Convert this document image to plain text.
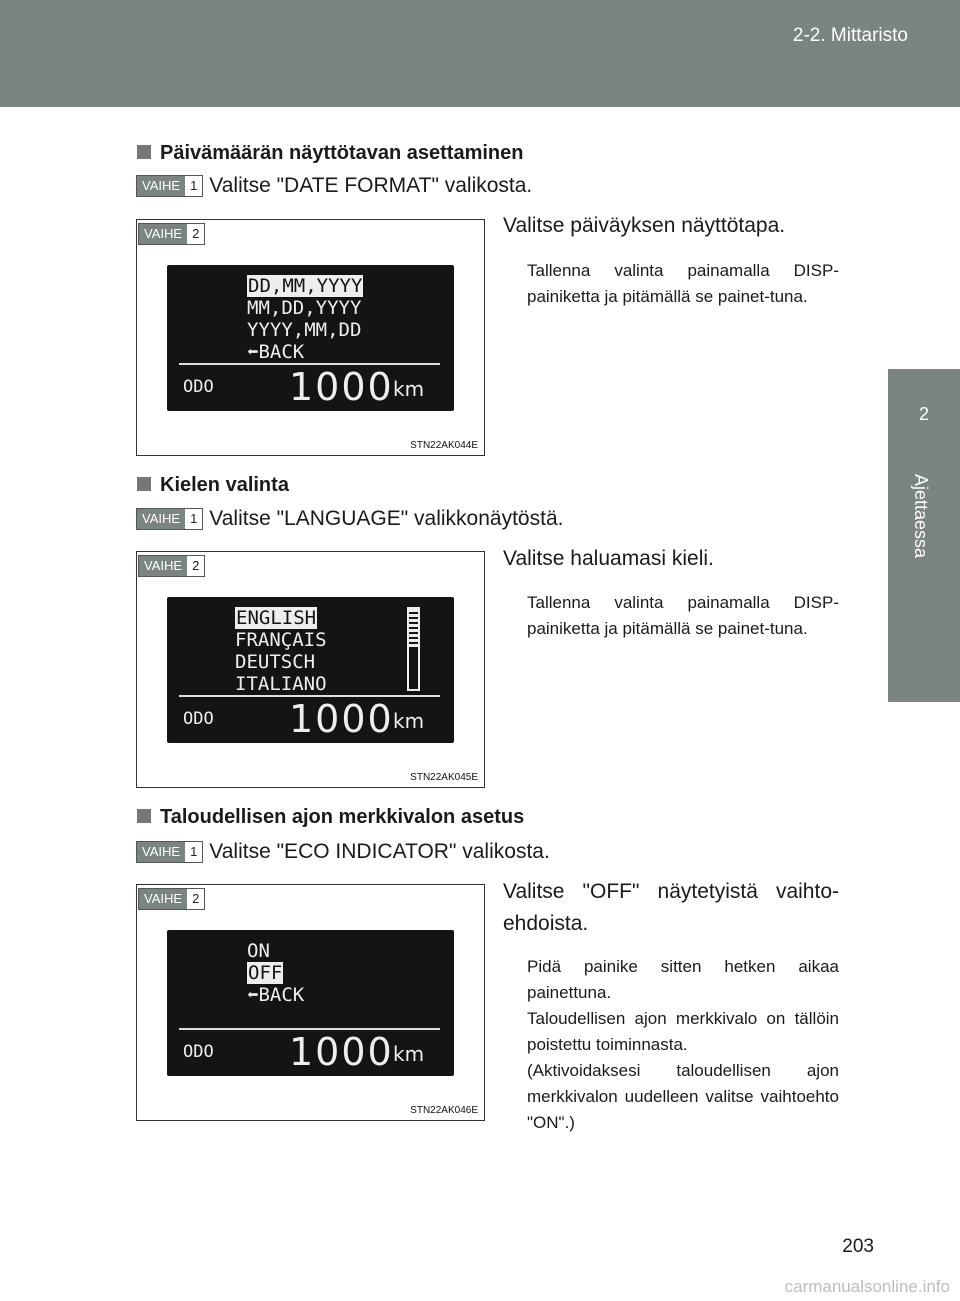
2-2. Mittaristo
2
Ajettaessa
Päivämäärän näyttötavan asettaminen
VAIHE 1 Valitse "DATE FORMAT" valikosta.
VAIHE 2
DD,MM,YYYY
MM,DD,YYYY
YYYY,MM,DD
⬅BACK
ODO 1000 km
STN22AK044E
Valitse päiväyksen näyttötapa.
Tallenna valinta painamalla DISP-painiketta ja pitämällä se painet-tuna.
Kielen valinta
VAIHE 1 Valitse "LANGUAGE" valikkonäytöstä.
VAIHE 2
ENGLISH
FRANÇAIS
DEUTSCH
ITALIANO
ODO 1000 km
STN22AK045E
Valitse haluamasi kieli.
Tallenna valinta painamalla DISP-painiketta ja pitämällä se painet-tuna.
Taloudellisen ajon merkkivalon asetus
VAIHE 1 Valitse "ECO INDICATOR" valikosta.
VAIHE 2
ON
OFF
⬅BACK
ODO 1000 km
STN22AK046E
Valitse "OFF" näytetyistä vaihto-ehdoista.
Pidä painike sitten hetken aikaa painettuna.
Taloudellisen ajon merkkivalo on tällöin poistettu toiminnasta.
(Aktivoidaksesi taloudellisen ajon merkkivalon uudelleen valitse vaihtoehto "ON".)
203
carmanualsonline.info
